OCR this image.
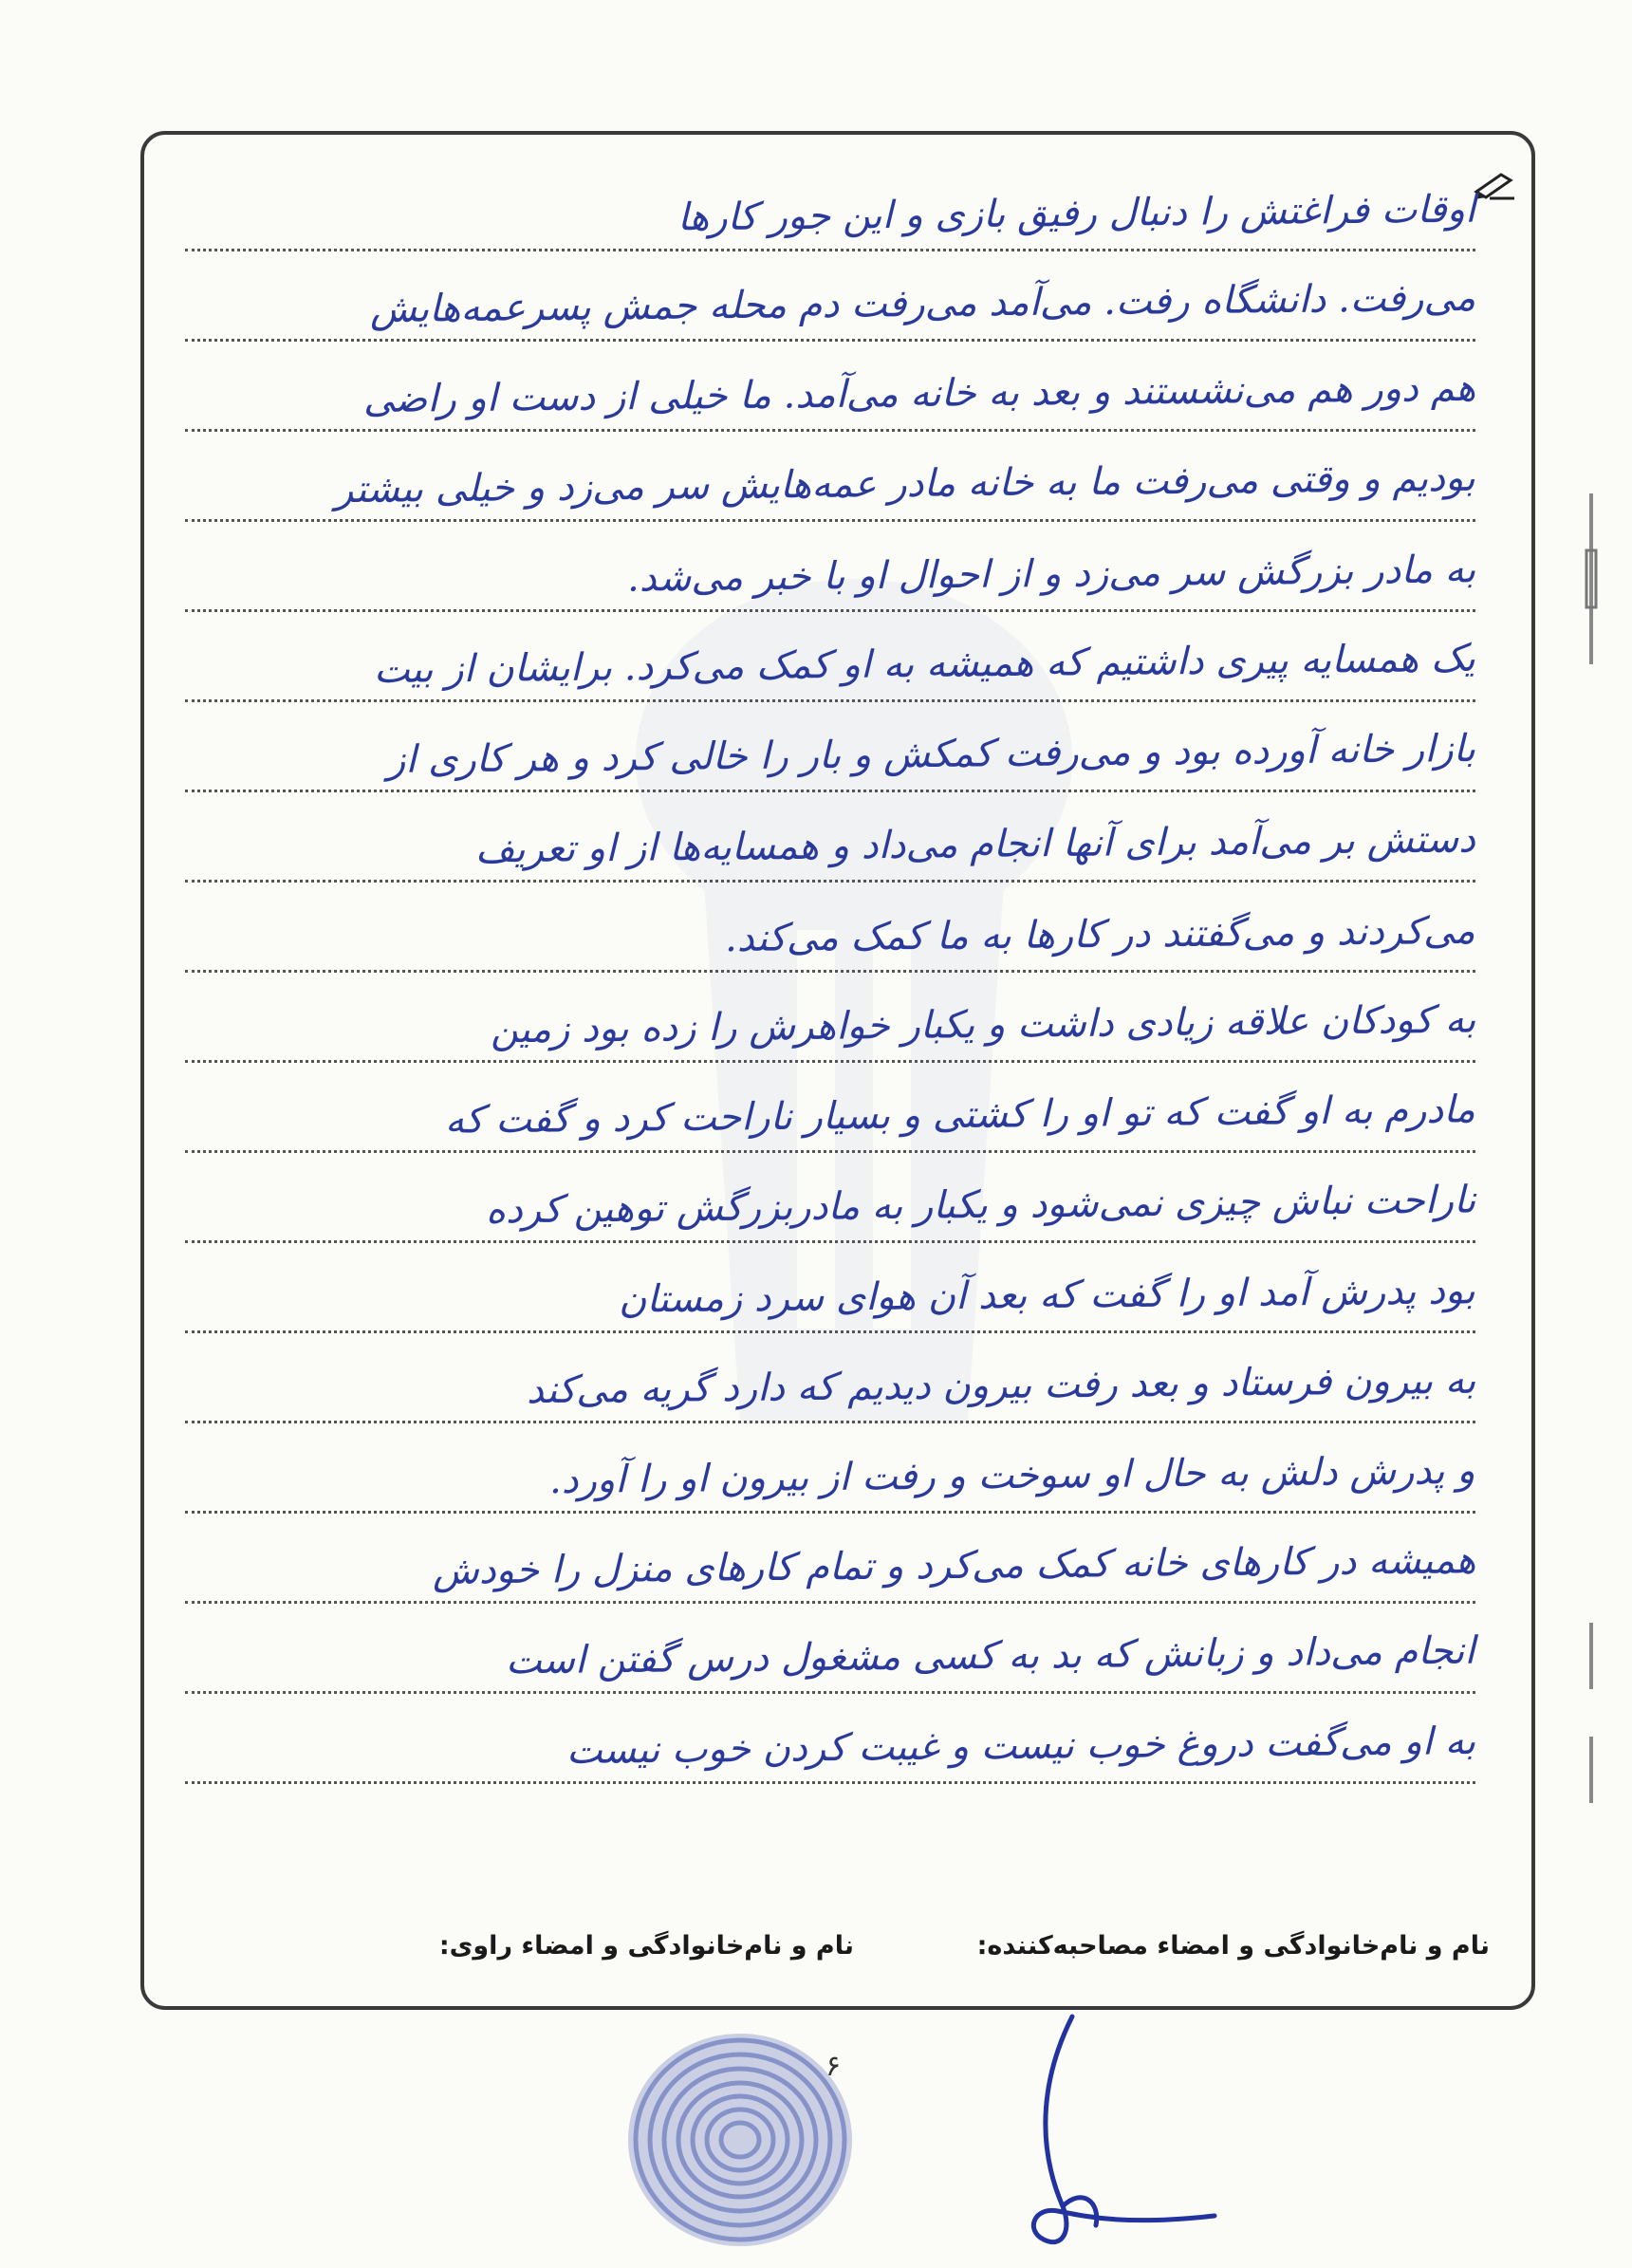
اوقات فراغتش را دنبال رفیق بازی و این جور کارها
می‌رفت. دانشگاه رفت. می‌آمد می‌رفت دم محله جمش پسرعمه‌هایش
هم دور هم می‌نشستند و بعد به خانه می‌آمد. ما خیلی از دست او راضی
بودیم و وقتی می‌رفت ما به خانه مادر عمه‌هایش سر می‌زد و خیلی بیشتر
به مادر بزرگش سر می‌زد و از احوال او با خبر می‌شد.
یک همسایه پیری داشتیم که همیشه به او کمک می‌کرد. برایشان از بیت
بازار خانه آورده بود و می‌رفت کمکش و بار را خالی کرد و هر کاری از
دستش بر می‌آمد برای آنها انجام می‌داد و همسایه‌ها از او تعریف
می‌کردند و می‌گفتند در کارها به ما کمک می‌کند.
به کودکان علاقه زیادی داشت و یکبار خواهرش را زده بود زمین
مادرم به او گفت که تو او را کشتی و بسیار ناراحت کرد و گفت که
ناراحت نباش چیزی نمی‌شود و یکبار به مادربزرگش توهین کرده
بود پدرش آمد او را گفت که بعد آن هوای سرد زمستان
به بیرون فرستاد و بعد رفت بیرون دیدیم که دارد گریه می‌کند
و پدرش دلش به حال او سوخت و رفت از بیرون او را آورد.
همیشه در کارهای خانه کمک می‌کرد و تمام کارهای منزل را خودش
انجام می‌داد و زبانش که بد به کسی مشغول درس گفتن است
به او می‌گفت دروغ خوب نیست و غیبت کردن خوب نیست
نام و نام‌خانوادگی و امضاء مصاحبه‌کننده:
نام و نام‌خانوادگی و امضاء راوی:
۶
